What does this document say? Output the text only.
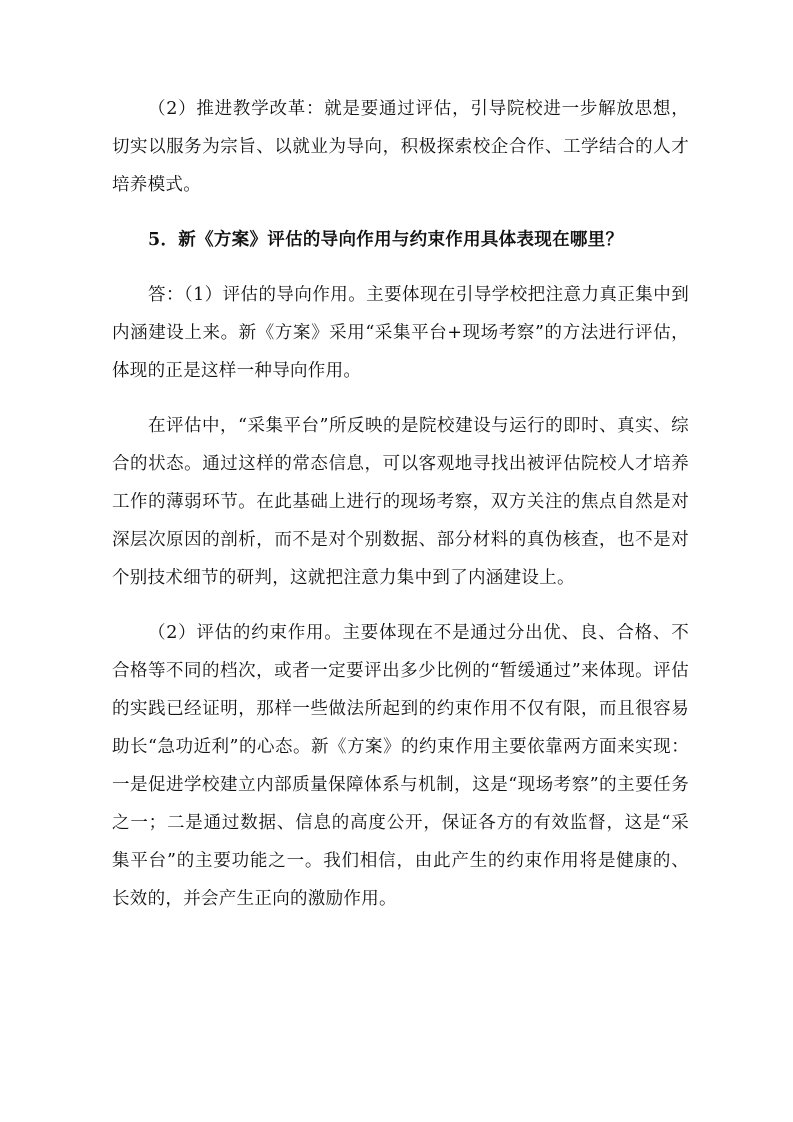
（2）推进教学改革：就是要通过评估，引导院校进一步解放思想，切实以服务为宗旨、以就业为导向，积极探索校企合作、工学结合的人才培养模式。

5．新《方案》评估的导向作用与约束作用具体表现在哪里？

答：（1）评估的导向作用。主要体现在引导学校把注意力真正集中到内涵建设上来。新《方案》采用“采集平台+现场考察”的方法进行评估，体现的正是这样一种导向作用。

在评估中，“采集平台”所反映的是院校建设与运行的即时、真实、综合的状态。通过这样的常态信息，可以客观地寻找出被评估院校人才培养工作的薄弱环节。在此基础上进行的现场考察，双方关注的焦点自然是对深层次原因的剖析，而不是对个别数据、部分材料的真伪核查，也不是对个别技术细节的研判，这就把注意力集中到了内涵建设上。

（2）评估的约束作用。主要体现在不是通过分出优、良、合格、不合格等不同的档次，或者一定要评出多少比例的“暂缓通过”来体现。评估的实践已经证明，那样一些做法所起到的约束作用不仅有限，而且很容易助长“急功近利”的心态。新《方案》的约束作用主要依靠两方面来实现：一是促进学校建立内部质量保障体系与机制，这是“现场考察”的主要任务之一；二是通过数据、信息的高度公开，保证各方的有效监督，这是“采集平台”的主要功能之一。我们相信，由此产生的约束作用将是健康的、长效的，并会产生正向的激励作用。
